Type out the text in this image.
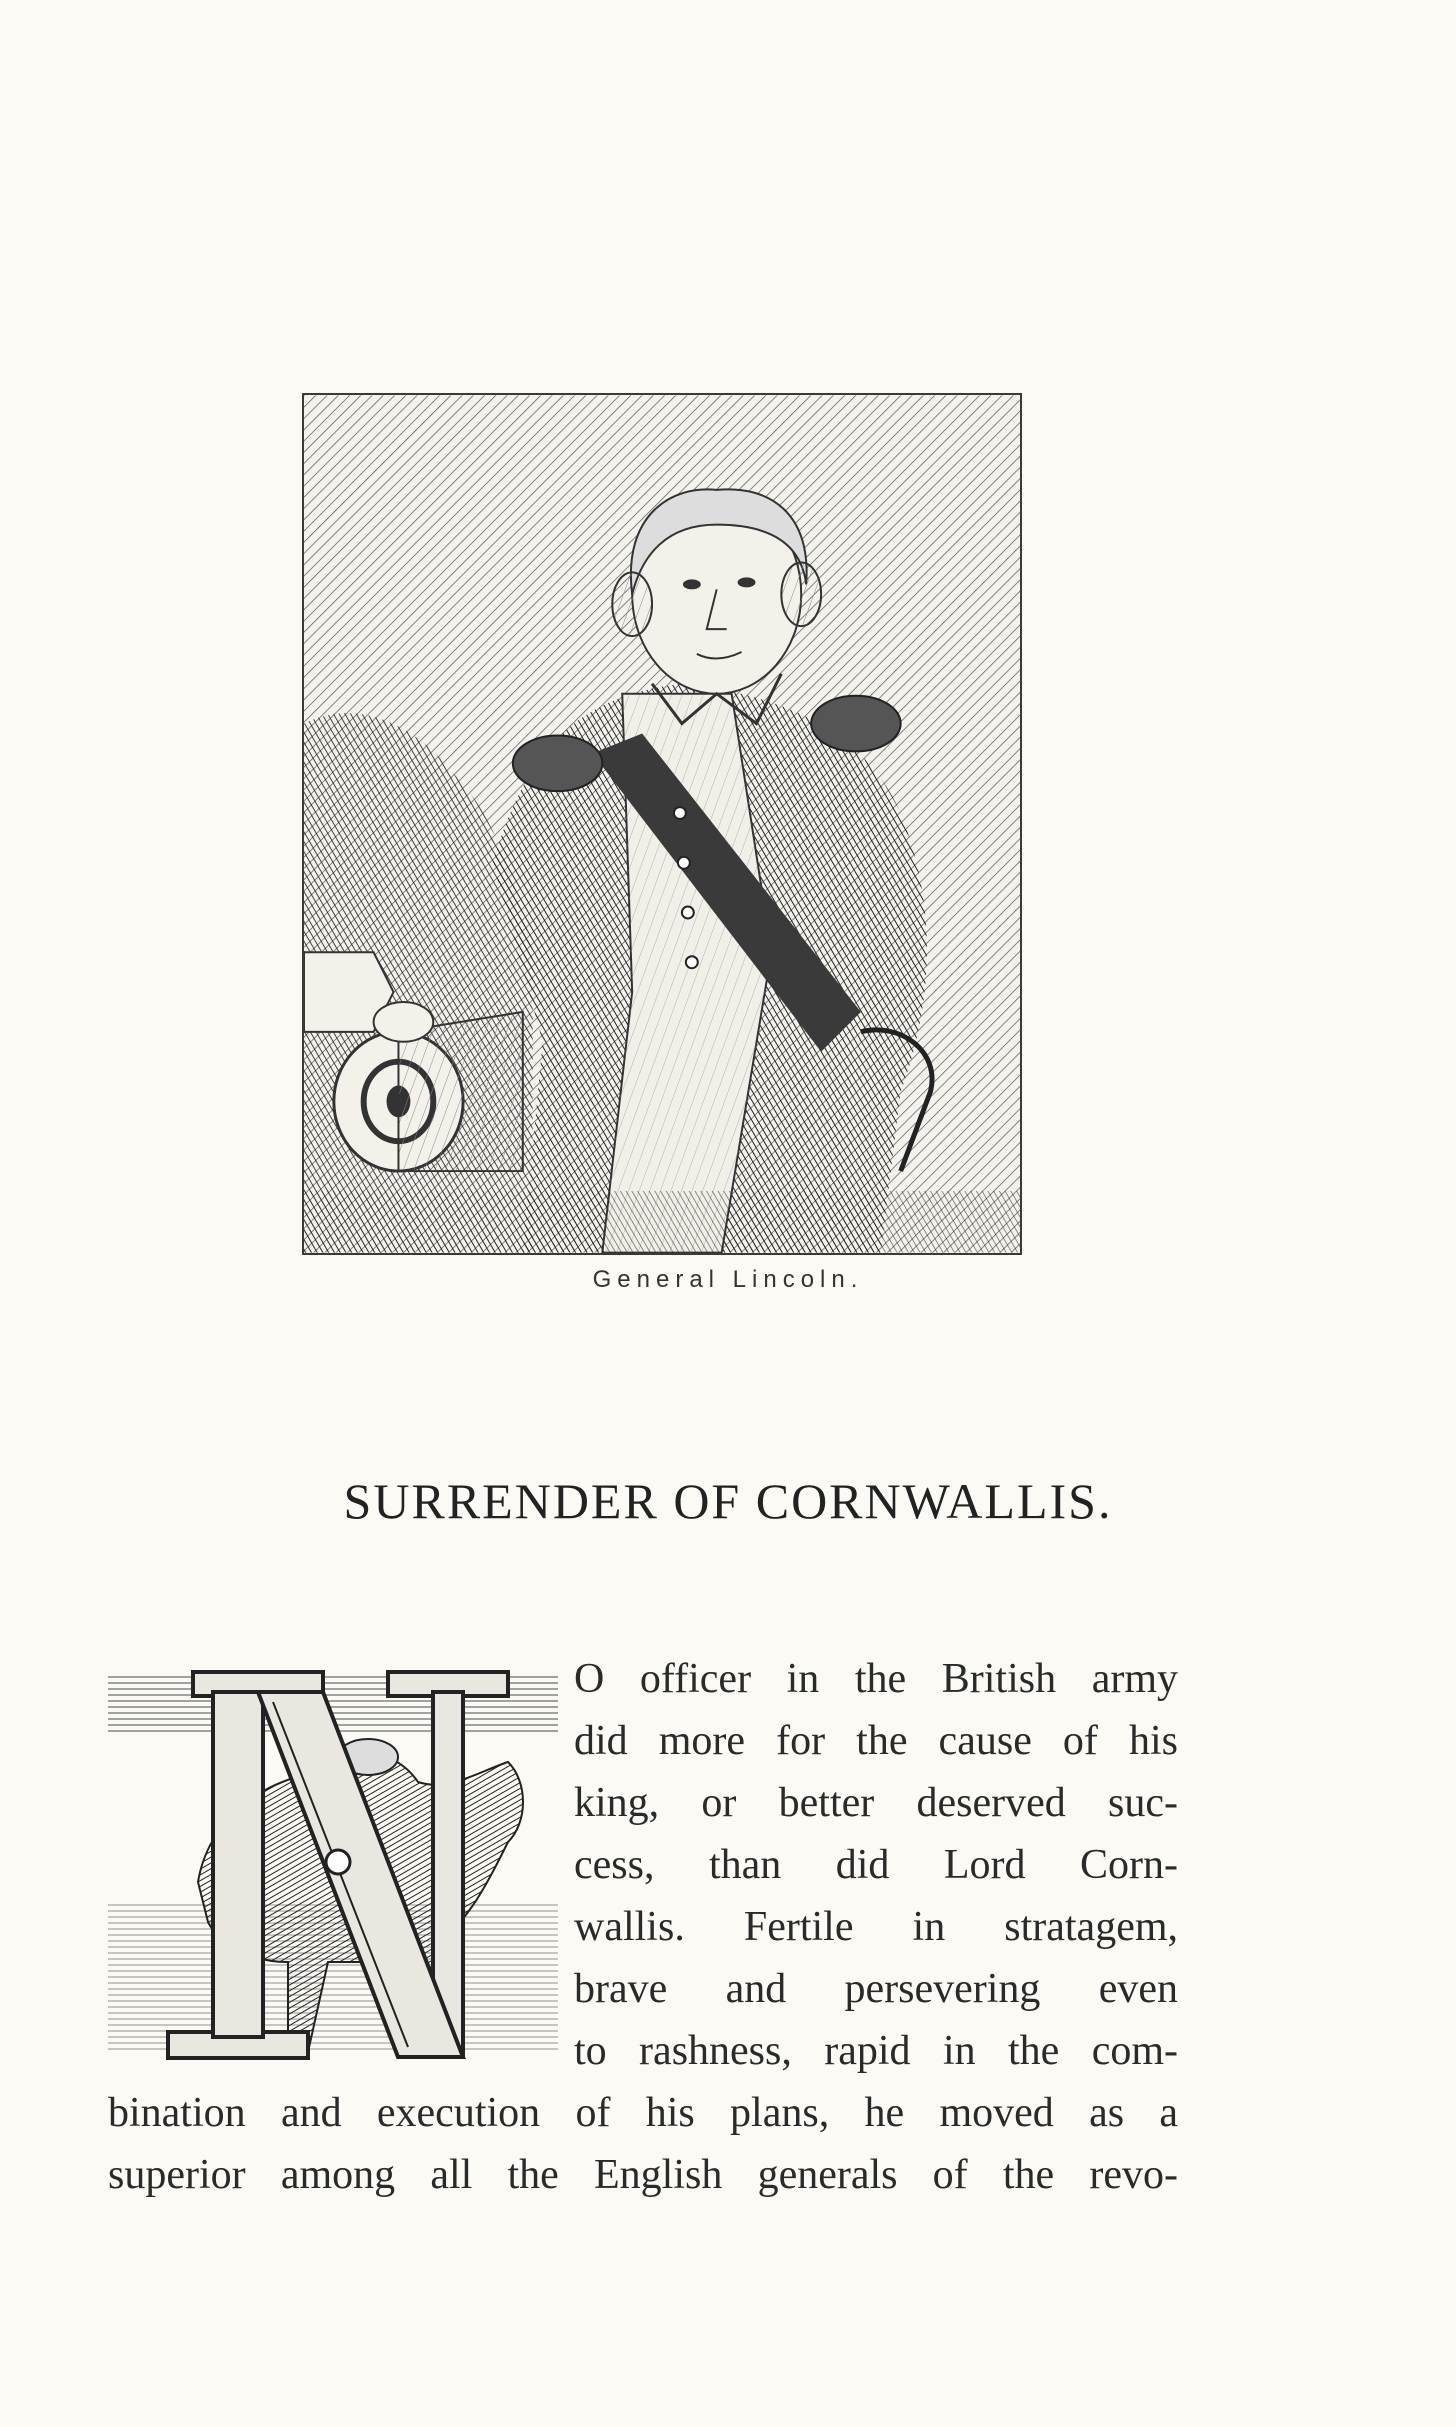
General Lincoln.
SURRENDER OF CORNWALLIS.
N	O officer in the British army
did more for the cause of his
king, or better deserved suc-
cess, than did Lord Corn-
wallis. Fertile in stratagem,
brave and persevering even
to rashness, rapid in the com-
bination and execution of his plans, he moved as a
superior among all the English generals of the revo-
